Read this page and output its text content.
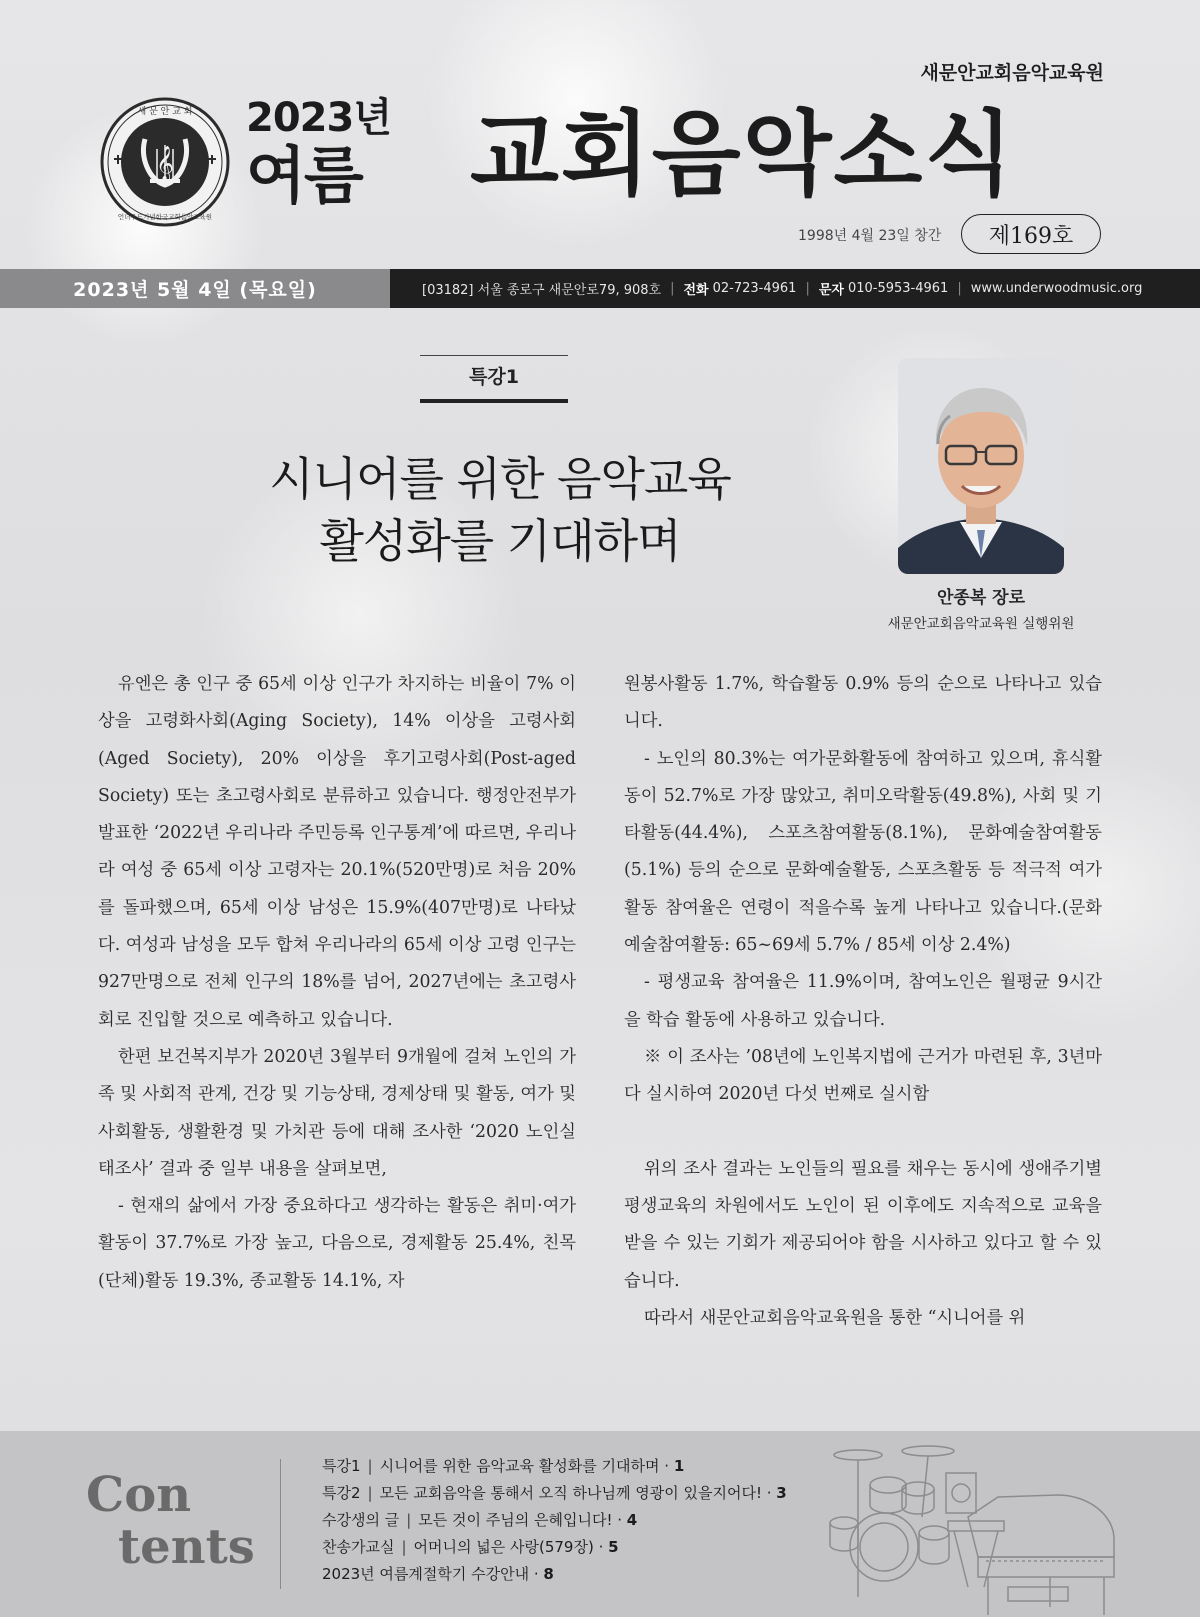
𝄞
새 문 안 교 회
언더우드기념한국교회음악교육원
2023년
여름
새문안교회음악교육원
교회음악소식
1998년 4월 23일 창간	제169호
2023년 5월 4일 (목요일)	[03182] 서울 종로구 새문안로79, 908호 | 전화 02-723-4961 | 문자 010-5953-4961 | www.underwoodmusic.org
특강1
시니어를 위한 음악교육
활성화를 기대하며
안종복 장로
새문안교회음악교육원 실행위원

유엔은 총 인구 중 65세 이상 인구가 차지하는 비율이 7% 이상을 고령화사회(Aging Society), 14% 이상을 고령사회(Aged Society), 20% 이상을 후기고령사회(Post-aged Society) 또는 초고령사회로 분류하고 있습니다. 행정안전부가 발표한 ‘2022년 우리나라 주민등록 인구통계’에 따르면, 우리나라 여성 중 65세 이상 고령자는 20.1%(520만명)로 처음 20%를 돌파했으며, 65세 이상 남성은 15.9%(407만명)로 나타났다. 여성과 남성을 모두 합쳐 우리나라의 65세 이상 고령 인구는 927만명으로 전체 인구의 18%를 넘어, 2027년에는 초고령사회로 진입할 것으로 예측하고 있습니다.

한편 보건복지부가 2020년 3월부터 9개월에 걸쳐 노인의 가족 및 사회적 관계, 건강 및 기능상태, 경제상태 및 활동, 여가 및 사회활동, 생활환경 및 가치관 등에 대해 조사한 ‘2020 노인실태조사’ 결과 중 일부 내용을 살펴보면,

- 현재의 삶에서 가장 중요하다고 생각하는 활동은 취미·여가활동이 37.7%로 가장 높고, 다음으로, 경제활동 25.4%, 친목(단체)활동 19.3%, 종교활동 14.1%, 자

원봉사활동 1.7%, 학습활동 0.9% 등의 순으로 나타나고 있습니다.

- 노인의 80.3%는 여가문화활동에 참여하고 있으며, 휴식활동이 52.7%로 가장 많았고, 취미오락활동(49.8%), 사회 및 기타활동(44.4%), 스포츠참여활동(8.1%), 문화예술참여활동(5.1%) 등의 순으로 문화예술활동, 스포츠활동 등 적극적 여가활동 참여율은 연령이 적을수록 높게 나타나고 있습니다.(문화예술참여활동: 65~69세 5.7% / 85세 이상 2.4%)

- 평생교육 참여율은 11.9%이며, 참여노인은 월평균 9시간을 학습 활동에 사용하고 있습니다.

※ 이 조사는 ’08년에 노인복지법에 근거가 마련된 후, 3년마다 실시하여 2020년 다섯 번째로 실시함

위의 조사 결과는 노인들의 필요를 채우는 동시에 생애주기별 평생교육의 차원에서도 노인이 된 이후에도 지속적으로 교육을 받을 수 있는 기회가 제공되어야 함을 시사하고 있다고 할 수 있습니다.

따라서 새문안교회음악교육원을 통한 “시니어를 위

Con
tents
특강1 | 시니어를 위한 음악교육 활성화를 기대하며 · 1
특강2 | 모든 교회음악을 통해서 오직 하나님께 영광이 있을지어다! · 3
수강생의 글 | 모든 것이 주님의 은혜입니다! · 4
찬송가교실 | 어머니의 넓은 사랑(579장) · 5
2023년 여름계절학기 수강안내 · 8
